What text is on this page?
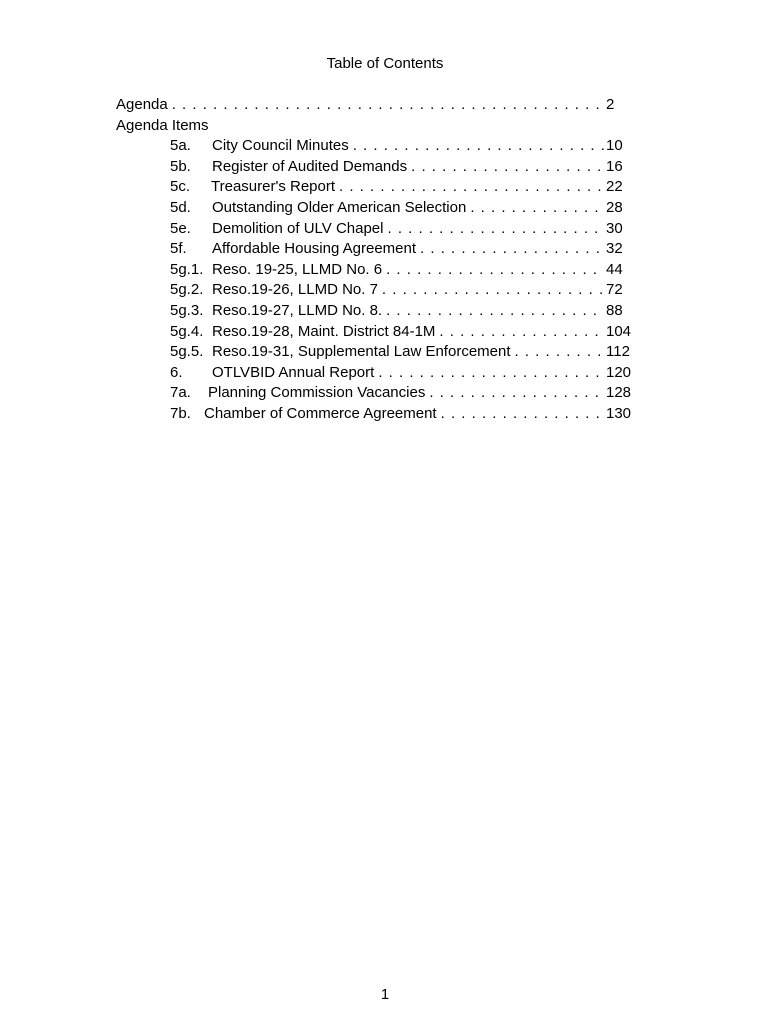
Table of Contents
Agenda . . .	2
Agenda Items
5a.	City Council Minutes . . .	10
5b.	Register of Audited Demands . . .	16
5c.	Treasurer's Report . . .	22
5d.	Outstanding Older American Selection . . .	28
5e.	Demolition of ULV Chapel . . .	30
5f.	Affordable Housing Agreement . . .	32
5g.1. Reso. 19-25, LLMD No. 6 . . .	44
5g.2. Reso.19-26, LLMD No. 7 . . .	72
5g.3. Reso.19-27, LLMD No. 8. . . .	88
5g.4. Reso.19-28, Maint. District 84-1M . . .	104
5g.5. Reso.19-31, Supplemental Law Enforcement . . .	112
6.	OTLVBID Annual Report . . .	120
7a.	Planning Commission Vacancies . . .	128
7b. Chamber of Commerce Agreement . . .	130
1
